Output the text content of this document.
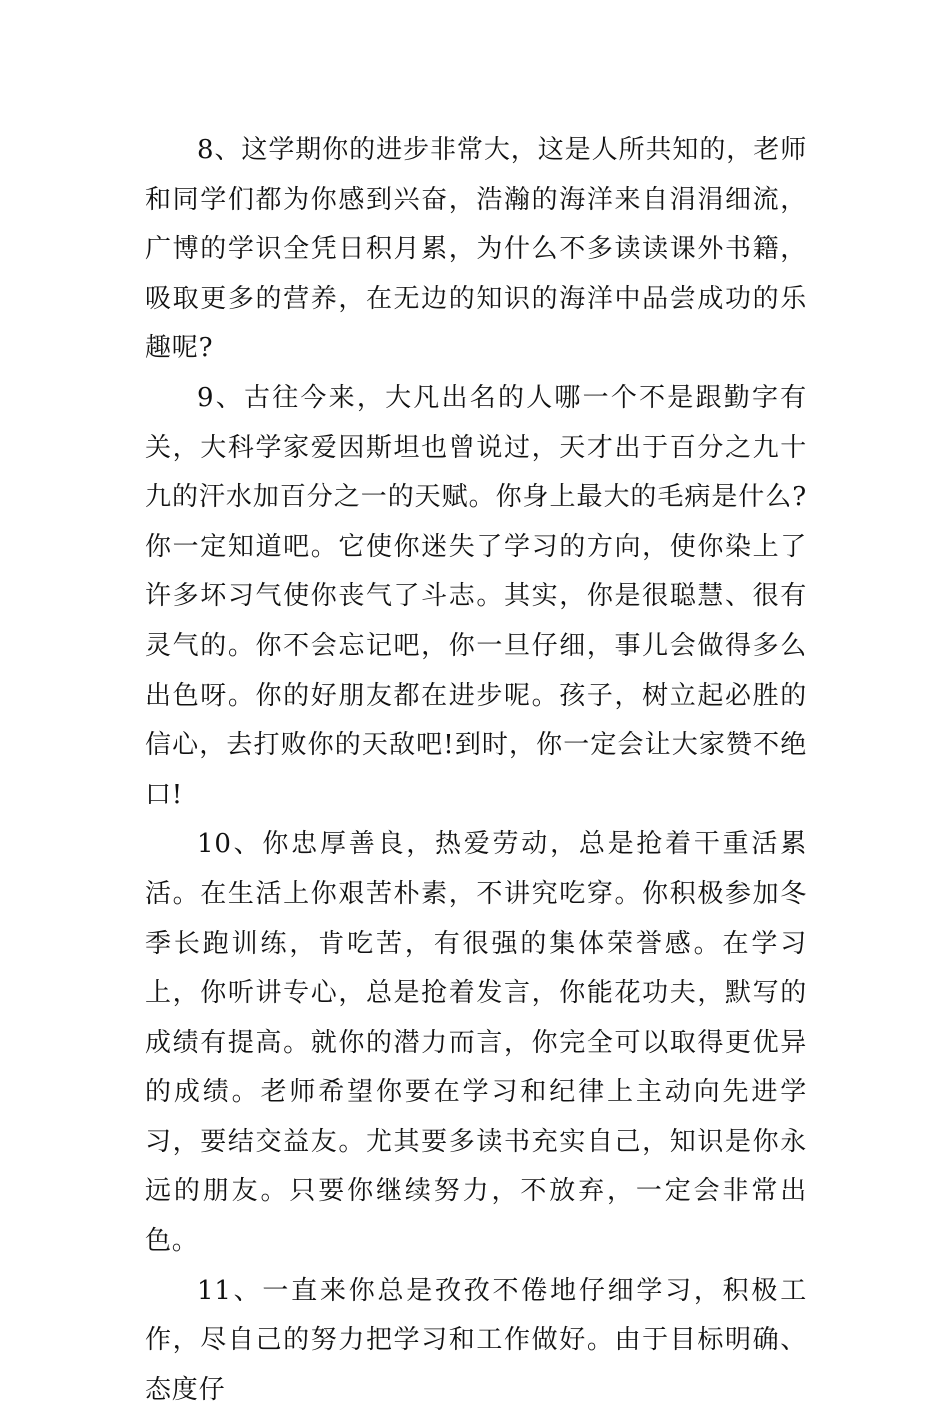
8、这学期你的进步非常大，这是人所共知的，老师和同学们都为你感到兴奋，浩瀚的海洋来自涓涓细流，广博的学识全凭日积月累，为什么不多读读课外书籍，吸取更多的营养，在无边的知识的海洋中品尝成功的乐趣呢?

9、古往今来，大凡出名的人哪一个不是跟勤字有关，大科学家爱因斯坦也曾说过，天才出于百分之九十九的汗水加百分之一的天赋。你身上最大的毛病是什么?你一定知道吧。它使你迷失了学习的方向，使你染上了许多坏习气使你丧气了斗志。其实，你是很聪慧、很有灵气的。你不会忘记吧，你一旦仔细，事儿会做得多么出色呀。你的好朋友都在进步呢。孩子，树立起必胜的信心，去打败你的天敌吧!到时，你一定会让大家赞不绝口!

10、你忠厚善良，热爱劳动，总是抢着干重活累活。在生活上你艰苦朴素，不讲究吃穿。你积极参加冬季长跑训练，肯吃苦，有很强的集体荣誉感。在学习上，你听讲专心，总是抢着发言，你能花功夫，默写的成绩有提高。就你的潜力而言，你完全可以取得更优异的成绩。老师希望你要在学习和纪律上主动向先进学习，要结交益友。尤其要多读书充实自己，知识是你永远的朋友。只要你继续努力，不放弃，一定会非常出色。

11、一直来你总是孜孜不倦地仔细学习，积极工作，尽自己的努力把学习和工作做好。由于目标明确、态度仔
